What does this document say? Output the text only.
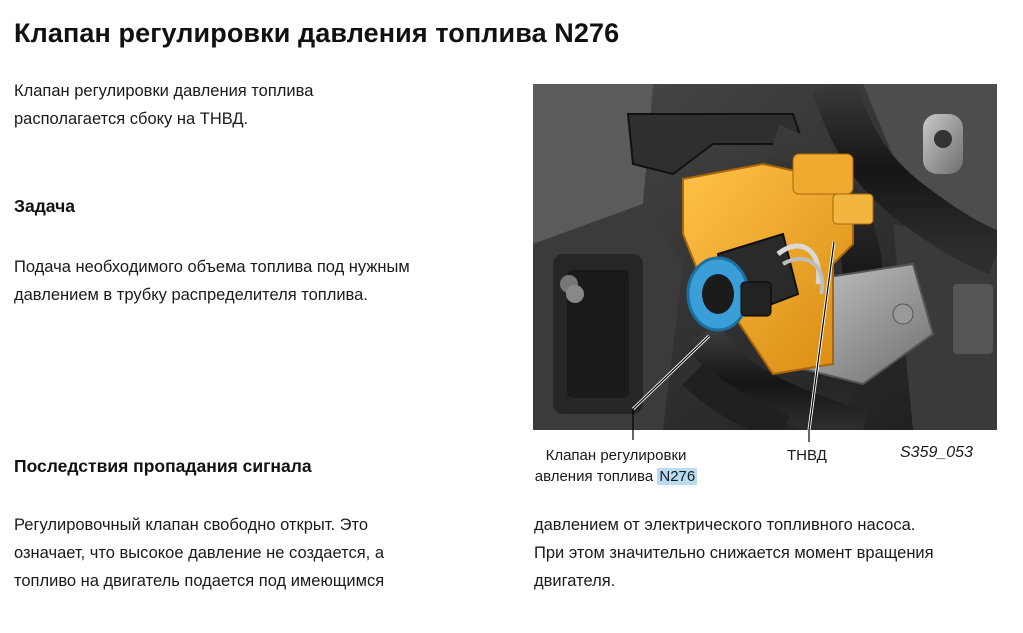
Клапан регулировки давления топлива N276

Клапан регулировки давления топлива
располагается сбоку на ТНВД.

Задача

Подача необходимого объема топлива под нужным
давлением в трубку распределителя топлива.

Последствия пропадания сигнала

Регулировочный клапан свободно открыт. Это
означает, что высокое давление не создается, а
топливо на двигатель подается под имеющимся

давлением от электрического топливного насоса.
При этом значительно снижается момент вращения
двигателя.

Клапан регулировки
авления топлива N276
ТНВД	S359_053
